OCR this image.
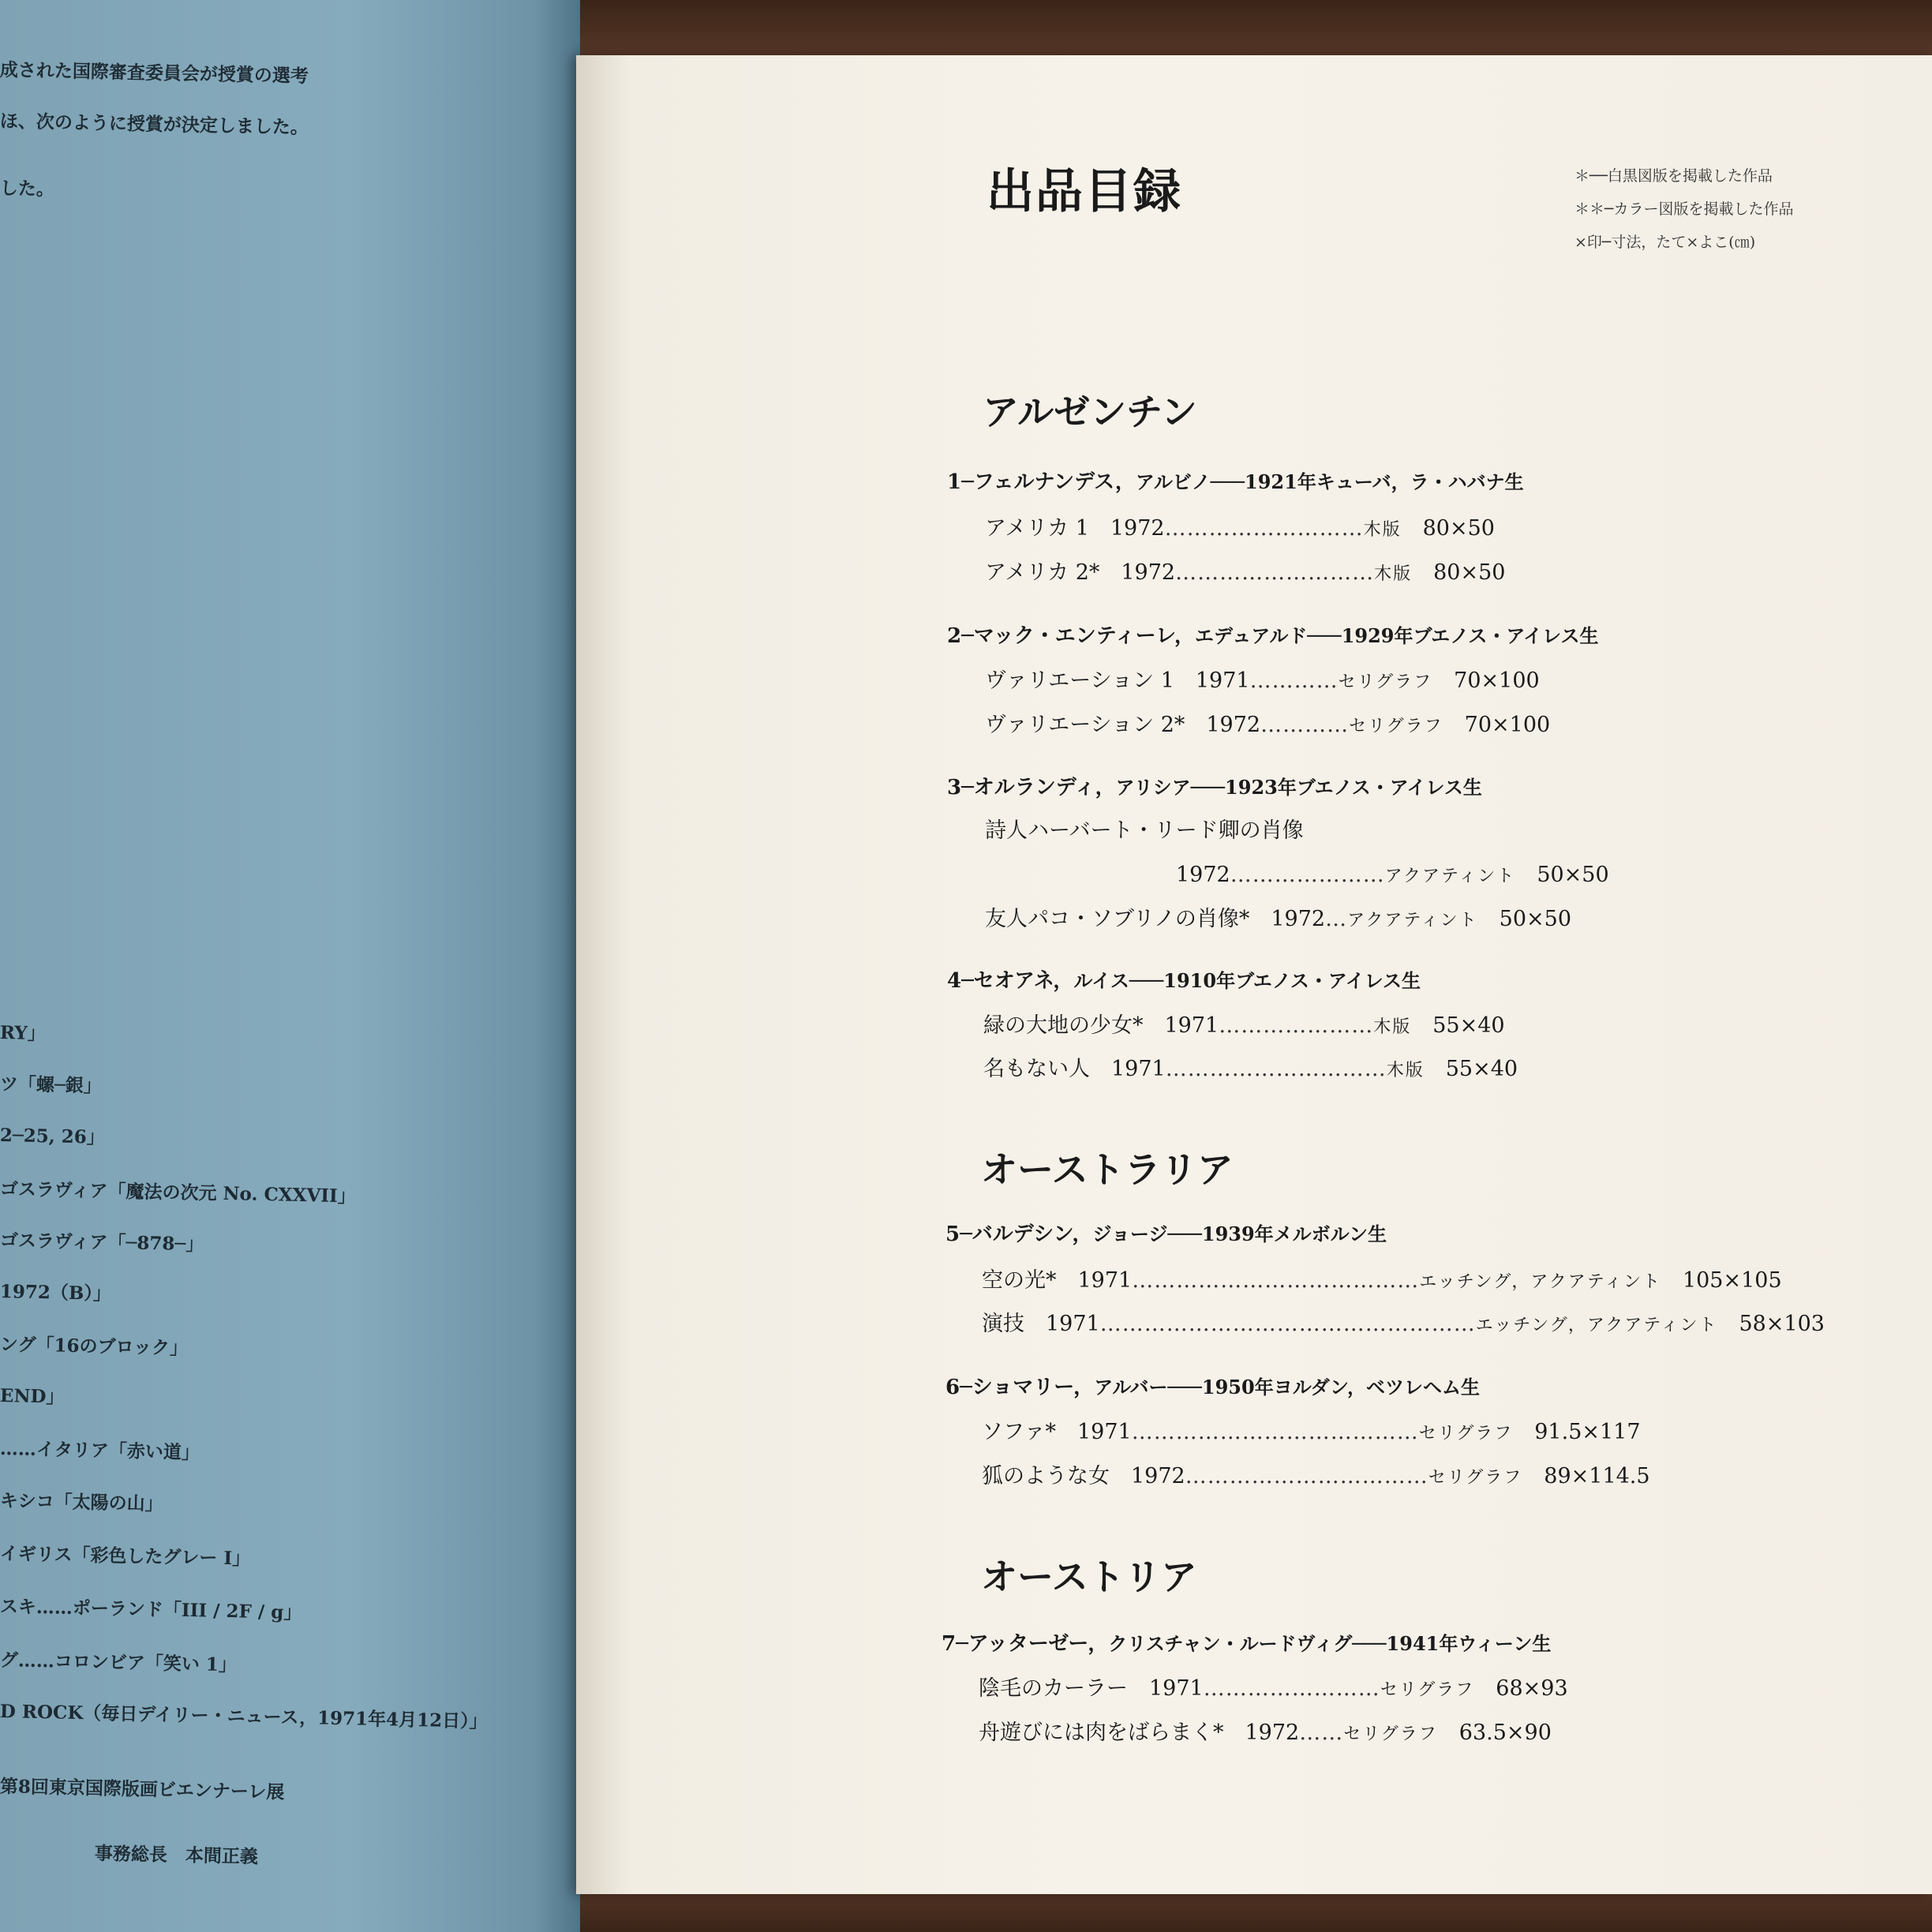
成された国際審査委員会が授賞の選考
ほ、次のように授賞が決定しました。
した。
RY」
ツ「螺─銀」
2─25, 26」
ゴスラヴィア「魔法の次元 No. CXXVII」
ゴスラヴィア「─878─」
1972（B）」
ング「16のブロック」
END」
……イタリア「赤い道」
キシコ「太陽の山」
イギリス「彩色したグレー I」
スキ……ポーランド「III / 2F / g」
グ……コロンビア「笑い 1」
D ROCK（毎日デイリー・ニュース，1971年4月12日）」
第8回東京国際版画ビエンナーレ展
事務総長　本間正義
出品目録	＊──白黒図版を掲載した作品
＊＊─カラー図版を掲載した作品
×印─寸法，たて×よこ(㎝)
アルゼンチン
1─フェルナンデス，アルビノ───1921年キューバ，ラ・ハバナ生
アメリカ 1　 1972………………………木版　 80×50
アメリカ 2*　 1972………………………木版　 80×50
2─マック・エンティーレ，エデュアルド───1929年ブエノス・アイレス生
ヴァリエーション 1　 1971…………セリグラフ　 70×100
ヴァリエーション 2*　 1972…………セリグラフ　 70×100
3─オルランディ，アリシア───1923年ブエノス・アイレス生
詩人ハーバート・リード卿の肖像
1972…………………アクアティント　 50×50
友人パコ・ソブリノの肖像*　 1972…アクアティント　 50×50
4─セオアネ，ルイス───1910年ブエノス・アイレス生
緑の大地の少女*　 1971…………………木版　 55×40
名もない人　 1971…………………………木版　 55×40
オーストラリア
5─バルデシン，ジョージ───1939年メルボルン生
空の光*　 1971…………………………………エッチング，アクアティント　 105×105
演技　 1971……………………………………………エッチング，アクアティント　 58×103
6─ショマリー，アルバー───1950年ヨルダン，ベツレヘム生
ソファ*　 1971…………………………………セリグラフ　 91.5×117
狐のような女　 1972……………………………セリグラフ　 89×114.5
オーストリア
7─アッターゼー，クリスチャン・ルードヴィグ───1941年ウィーン生
陰毛のカーラー　 1971……………………セリグラフ　 68×93
舟遊びには肉をばらまく*　 1972……セリグラフ　 63.5×90
